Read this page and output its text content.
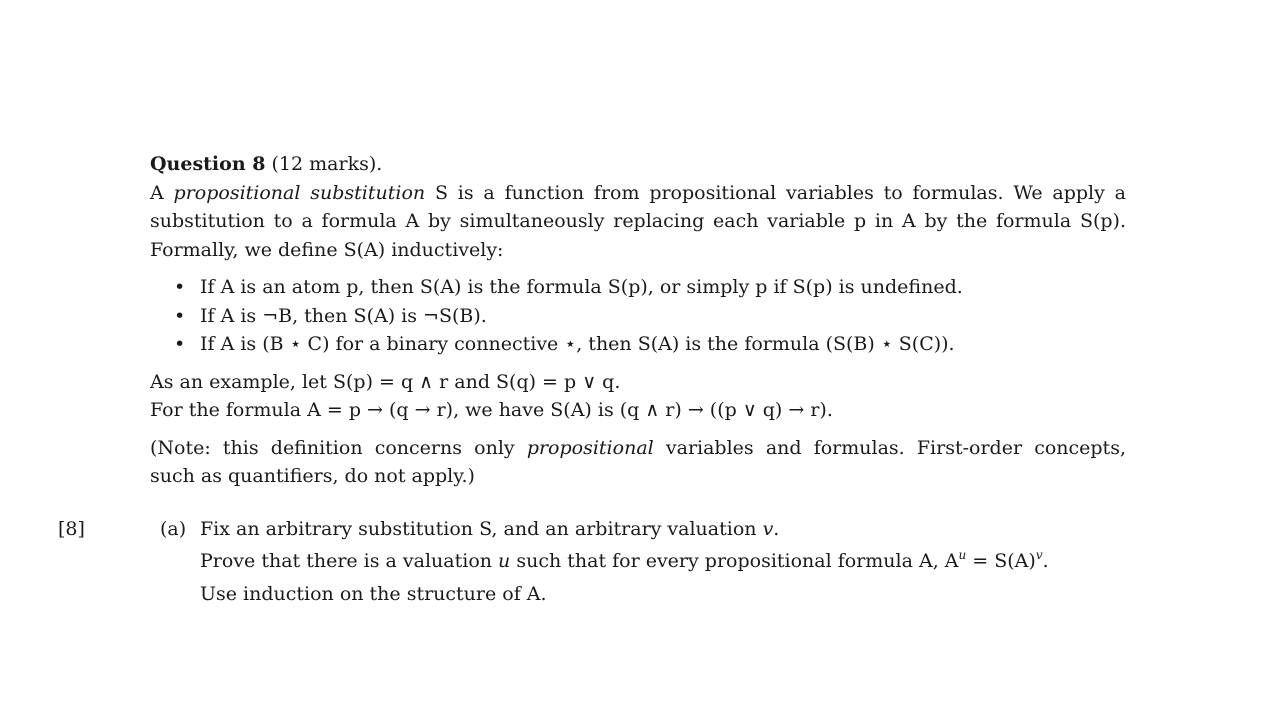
Question 8 (12 marks).
A propositional substitution S is a function from propositional variables to formulas. We apply a
substitution to a formula A by simultaneously replacing each variable p in A by the formula S(p).
Formally, we define S(A) inductively:
• If A is an atom p, then S(A) is the formula S(p), or simply p if S(p) is undefined.
• If A is ¬B, then S(A) is ¬S(B).
• If A is (B ⋆ C) for a binary connective ⋆, then S(A) is the formula (S(B) ⋆ S(C)).
As an example, let S(p) = q ∧ r and S(q) = p ∨ q.
For the formula A = p → (q → r), we have S(A) is (q ∧ r) → ((p ∨ q) → r).
(Note: this definition concerns only propositional variables and formulas. First-order concepts,
such as quantifiers, do not apply.)
[8]	(a) Fix an arbitrary substitution S, and an arbitrary valuation v.
Prove that there is a valuation u such that for every propositional formula A, $A^u = S(A)^v$.
Use induction on the structure of A.
